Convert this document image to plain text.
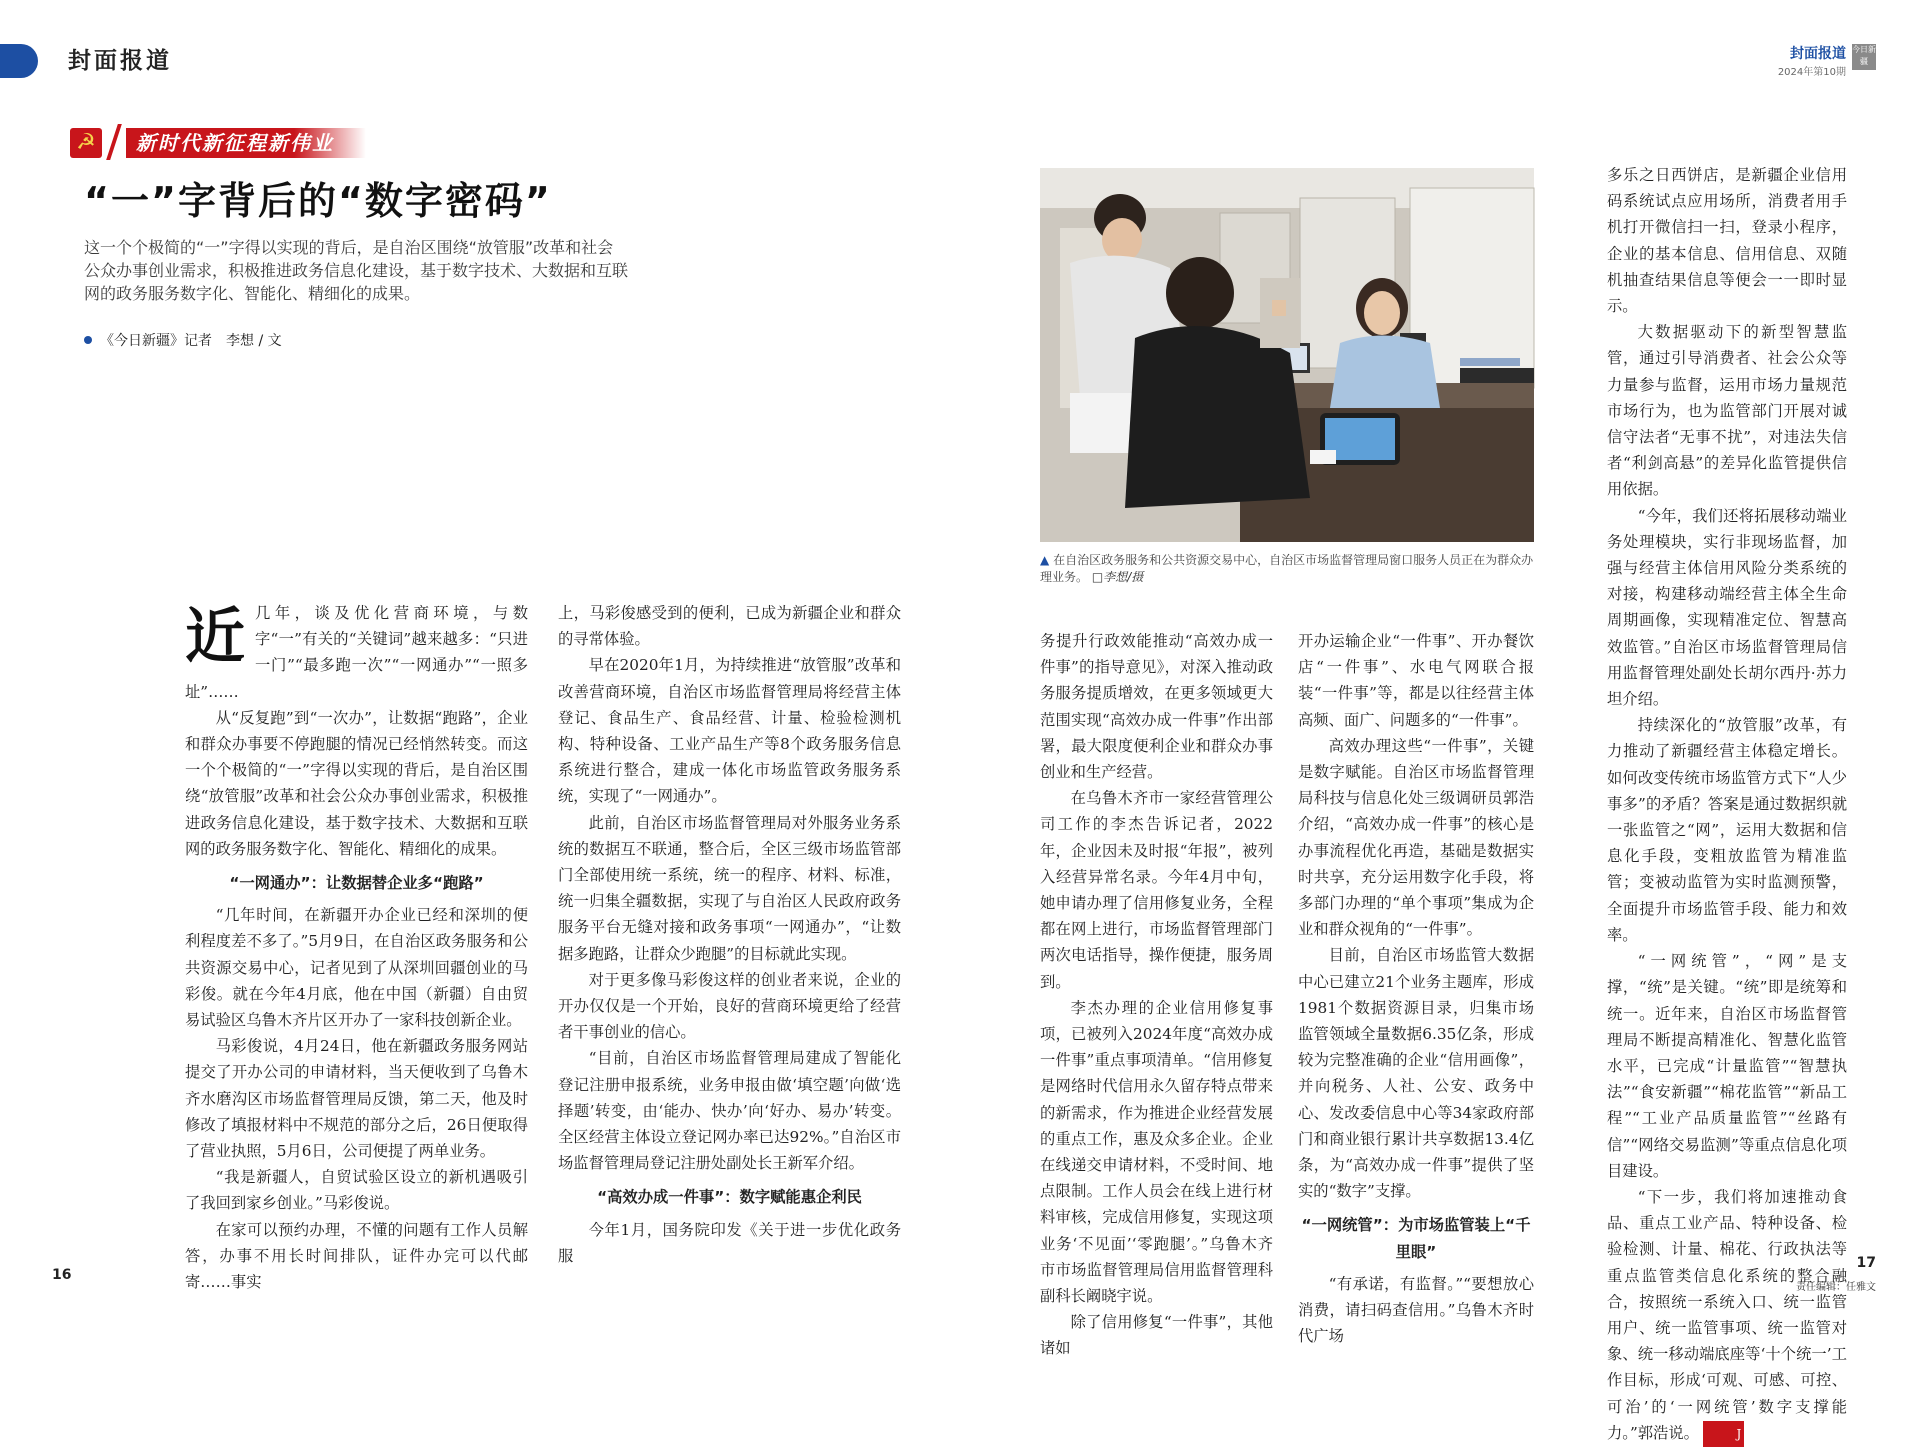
封面报道
☭	新时代新征程新伟业
“一”字背后的“数字密码”
这一个个极简的“一”字得以实现的背后，是自治区围绕“放管服”改革和社会公众办事创业需求，积极推进政务信息化建设，基于数字技术、大数据和互联网的政务服务数字化、智能化、精细化的成果。
《今日新疆》记者　李想 / 文
近 几年，谈及优化营商环境，与数字“一”有关的“关键词”越来越多：“只进一门”“最多跑一次”“一网通办”“一照多址”……

从“反复跑”到“一次办”，让数据“跑路”，企业和群众办事要不停跑腿的情况已经悄然转变。而这一个个极简的“一”字得以实现的背后，是自治区围绕“放管服”改革和社会公众办事创业需求，积极推进政务信息化建设，基于数字技术、大数据和互联网的政务服务数字化、智能化、精细化的成果。

“一网通办”：让数据替企业多“跑路”

“几年时间，在新疆开办企业已经和深圳的便利程度差不多了。”5月9日，在自治区政务服务和公共资源交易中心，记者见到了从深圳回疆创业的马彩俊。就在今年4月底，他在中国（新疆）自由贸易试验区乌鲁木齐片区开办了一家科技创新企业。

马彩俊说，4月24日，他在新疆政务服务网站提交了开办公司的申请材料，当天便收到了乌鲁木齐水磨沟区市场监督管理局反馈，第二天，他及时修改了填报材料中不规范的部分之后，26日便取得了营业执照，5月6日，公司便提了两单业务。

“我是新疆人，自贸试验区设立的新机遇吸引了我回到家乡创业。”马彩俊说。

在家可以预约办理，不懂的问题有工作人员解答，办事不用长时间排队，证件办完可以代邮寄……事实

上，马彩俊感受到的便利，已成为新疆企业和群众的寻常体验。

早在2020年1月，为持续推进“放管服”改革和改善营商环境，自治区市场监督管理局将经营主体登记、食品生产、食品经营、计量、检验检测机构、特种设备、工业产品生产等8个政务服务信息系统进行整合，建成一体化市场监管政务服务系统，实现了“一网通办”。

此前，自治区市场监督管理局对外服务业务系统的数据互不联通，整合后，全区三级市场监管部门全部使用统一系统，统一的程序、材料、标准，统一归集全疆数据，实现了与自治区人民政府政务服务平台无缝对接和政务事项“一网通办”，“让数据多跑路，让群众少跑腿”的目标就此实现。

对于更多像马彩俊这样的创业者来说，企业的开办仅仅是一个开始，良好的营商环境更给了经营者干事创业的信心。

“目前，自治区市场监督管理局建成了智能化登记注册申报系统，业务申报由做‘填空题’向做‘选择题’转变，由‘能办、快办’向‘好办、易办’转变。全区经营主体设立登记网办率已达92%。”自治区市场监督管理局登记注册处副处长王新军介绍。

“高效办成一件事”：数字赋能惠企利民

今年1月，国务院印发《关于进一步优化政务服

16
封面报道
2024年第10期
今日新疆
▲ 在自治区政务服务和公共资源交易中心，自治区市场监督管理局窗口服务人员正在为群众办理业务。 □李想/摄

务提升行政效能推动“高效办成一件事”的指导意见》，对深入推动政务服务提质增效，在更多领域更大范围实现“高效办成一件事”作出部署，最大限度便利企业和群众办事创业和生产经营。

在乌鲁木齐市一家经营管理公司工作的李杰告诉记者，2022年，企业因未及时报“年报”，被列入经营异常名录。今年4月中旬，她申请办理了信用修复业务，全程都在网上进行，市场监督管理部门两次电话指导，操作便捷，服务周到。

李杰办理的企业信用修复事项，已被列入2024年度“高效办成一件事”重点事项清单。“信用修复是网络时代信用永久留存特点带来的新需求，作为推进企业经营发展的重点工作，惠及众多企业。企业在线递交申请材料，不受时间、地点限制。工作人员会在线上进行材料审核，完成信用修复，实现这项业务‘不见面’‘零跑腿’。”乌鲁木齐市市场监督管理局信用监督管理科副科长阚晓宇说。

除了信用修复“一件事”，其他诸如

开办运输企业“一件事”、开办餐饮店“一件事”、水电气网联合报装“一件事”等，都是以往经营主体高频、面广、问题多的“一件事”。

高效办理这些“一件事”，关键是数字赋能。自治区市场监督管理局科技与信息化处三级调研员郭浩介绍，“高效办成一件事”的核心是办事流程优化再造，基础是数据实时共享，充分运用数字化手段，将多部门办理的“单个事项”集成为企业和群众视角的“一件事”。

目前，自治区市场监管大数据中心已建立21个业务主题库，形成1981个数据资源目录，归集市场监管领域全量数据6.35亿条，形成较为完整准确的企业“信用画像”，并向税务、人社、公安、政务中心、发改委信息中心等34家政府部门和商业银行累计共享数据13.4亿条，为“高效办成一件事”提供了坚实的“数字”支撑。

“一网统管”：为市场监管装上“千里眼”

“有承诺，有监督。”“要想放心消费，请扫码查信用。”乌鲁木齐时代广场

多乐之日西饼店，是新疆企业信用码系统试点应用场所，消费者用手机打开微信扫一扫，登录小程序，企业的基本信息、信用信息、双随机抽查结果信息等便会一一即时显示。

大数据驱动下的新型智慧监管，通过引导消费者、社会公众等力量参与监督，运用市场力量规范市场行为，也为监管部门开展对诚信守法者“无事不扰”，对违法失信者“利剑高悬”的差异化监管提供信用依据。

“今年，我们还将拓展移动端业务处理模块，实行非现场监督，加强与经营主体信用风险分类系统的对接，构建移动端经营主体全生命周期画像，实现精准定位、智慧高效监管。”自治区市场监督管理局信用监督管理处副处长胡尔西丹·苏力坦介绍。

持续深化的“放管服”改革，有力推动了新疆经营主体稳定增长。如何改变传统市场监管方式下“人少事多”的矛盾？答案是通过数据织就一张监管之“网”，运用大数据和信息化手段，变粗放监管为精准监管；变被动监管为实时监测预警，全面提升市场监管手段、能力和效率。

“一网统管”，“网”是支撑，“统”是关键。“统”即是统筹和统一。近年来，自治区市场监督管理局不断提高精准化、智慧化监管水平，已完成“计量监管”“智慧执法”“食安新疆”“棉花监管”“新品工程”“工业产品质量监管”“丝路有信”“网络交易监测”等重点信息化项目建设。

“下一步，我们将加速推动食品、重点工业产品、特种设备、检验检测、计量、棉花、行政执法等重点监管类信息化系统的整合融合，按照统一系统入口、统一监管用户、统一监管事项、统一监管对象、统一移动端底座等‘十个统一’工作目标，形成‘可观、可感、可控、可治’的‘一网统管’数字支撑能力。”郭浩说。	J

责任编辑：任雅文
17
